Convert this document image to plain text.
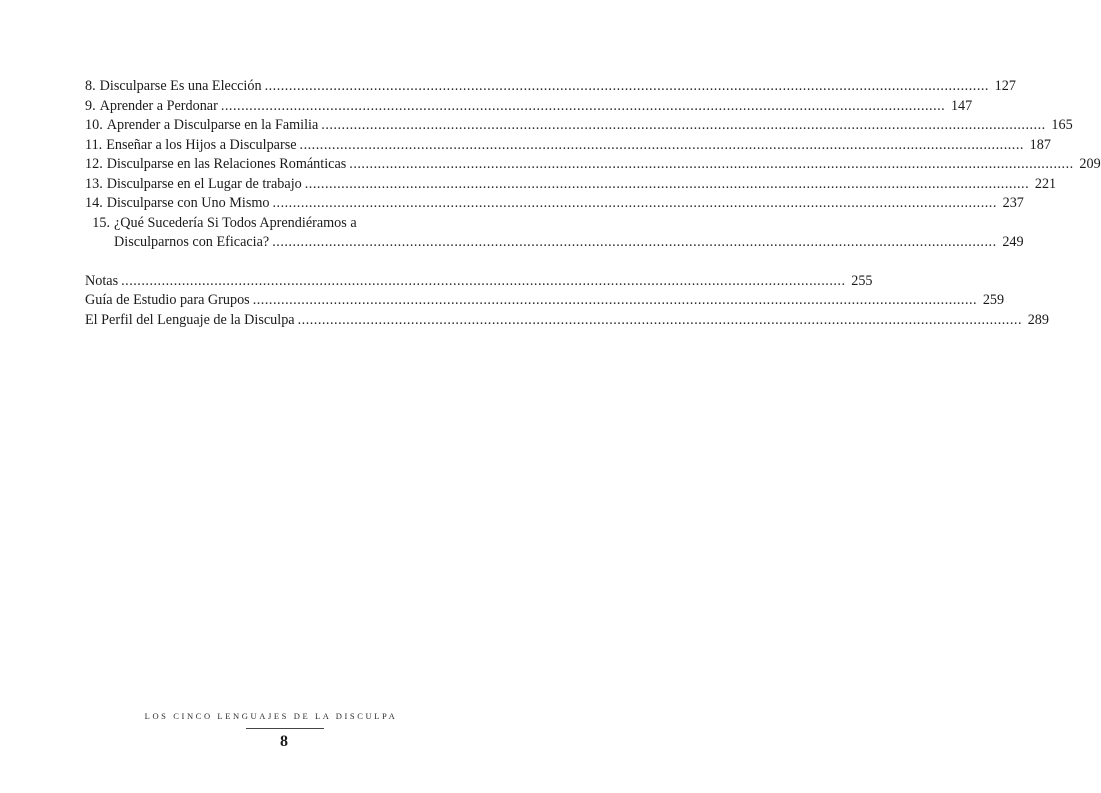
8. Disculparse Es una Elección .....	127
9. Aprender a Perdonar .....	147
10. Aprender a Disculparse en la Familia .....	165
11. Enseñar a los Hijos a Disculparse .....	187
12. Disculparse en las Relaciones Románticas .....	209
13. Disculparse en el Lugar de trabajo .....	221
14. Disculparse con Uno Mismo .....	237
15. ¿Qué Sucedería Si Todos Aprendiéramos a
Disculparnos con Eficacia? .....	249
Notas .....	255
Guía de Estudio para Grupos .....	259
El Perfil del Lenguaje de la Disculpa .....	289
LOS CINCO LENGUAJES DE LA DISCULPA
8
